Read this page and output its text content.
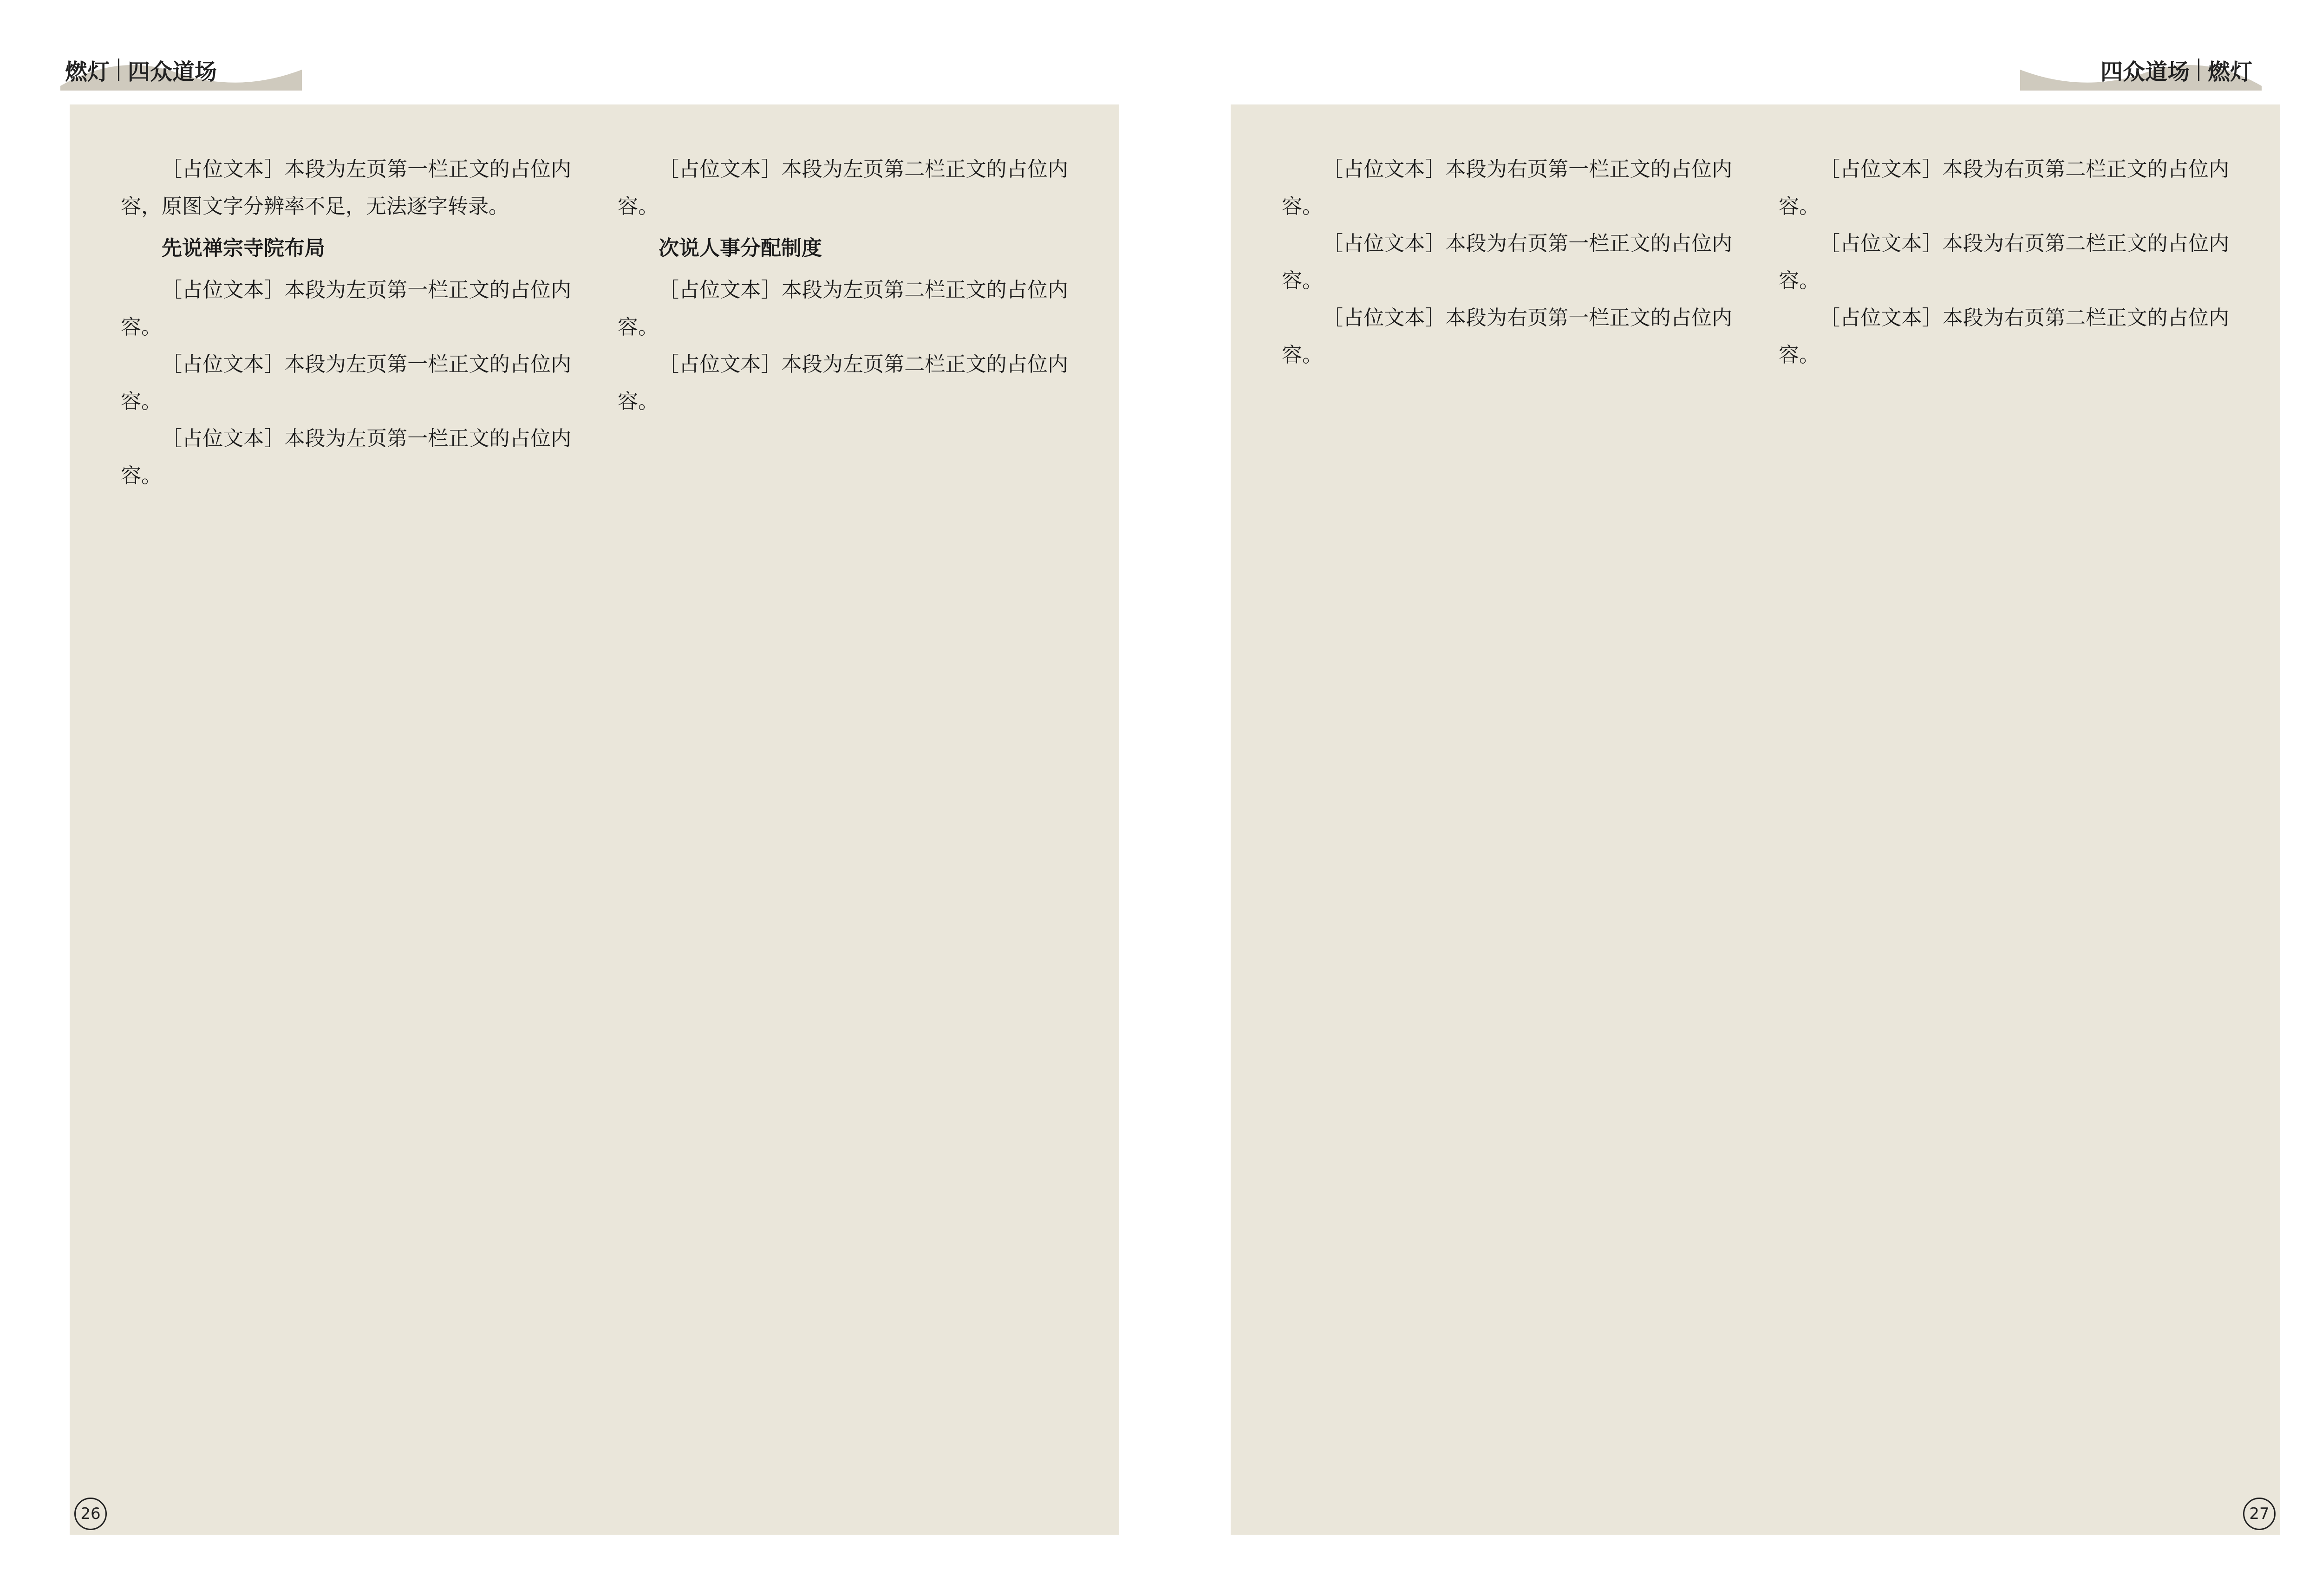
燃灯 四众道场	四众道场 燃灯

［占位文本］本段为左页第一栏正文的占位内容，原图文字分辨率不足，无法逐字转录。

先说禅宗寺院布局

［占位文本］本段为左页第一栏正文的占位内容。

［占位文本］本段为左页第一栏正文的占位内容。

［占位文本］本段为左页第一栏正文的占位内容。

［占位文本］本段为左页第二栏正文的占位内容。

次说人事分配制度

［占位文本］本段为左页第二栏正文的占位内容。

［占位文本］本段为左页第二栏正文的占位内容。

26

［占位文本］本段为右页第一栏正文的占位内容。

［占位文本］本段为右页第一栏正文的占位内容。

［占位文本］本段为右页第一栏正文的占位内容。

［占位文本］本段为右页第二栏正文的占位内容。

［占位文本］本段为右页第二栏正文的占位内容。

［占位文本］本段为右页第二栏正文的占位内容。

27
